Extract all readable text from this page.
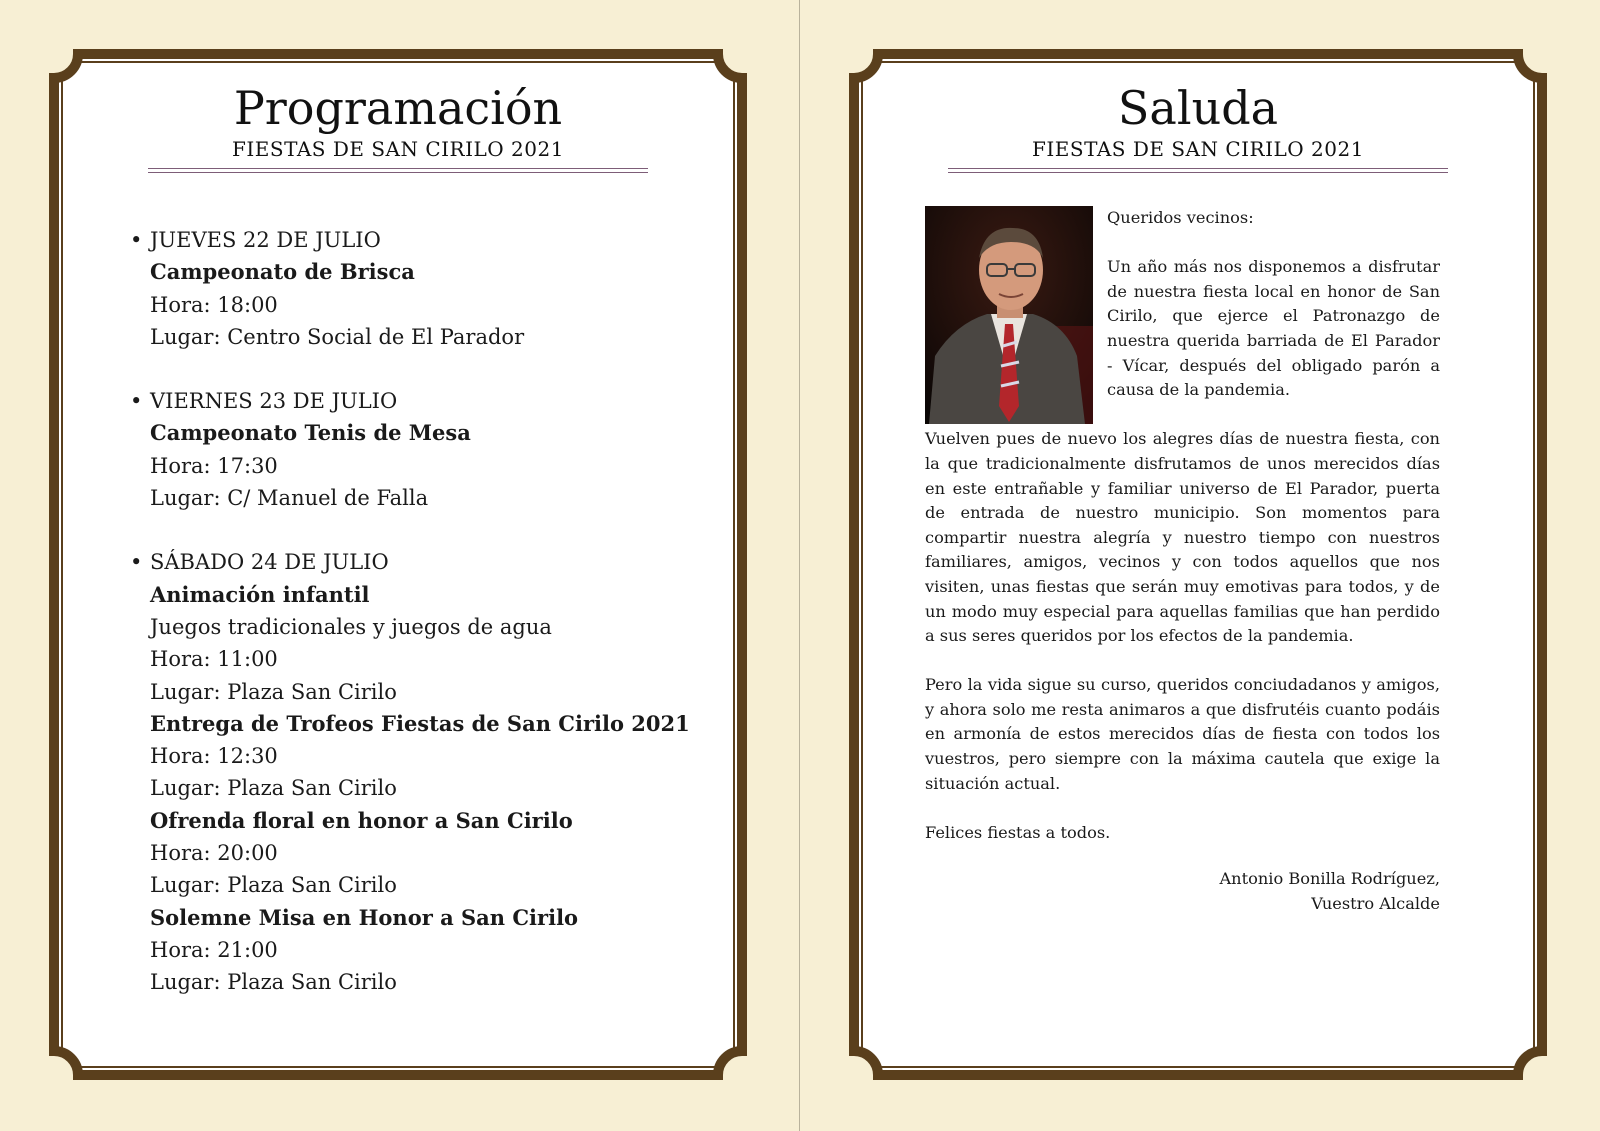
Programación
FIESTAS DE SAN CIRILO 2021
• JUEVES 22 DE JULIO
Campeonato de Brisca
Hora: 18:00
Lugar: Centro Social de El Parador
• VIERNES 23 DE JULIO
Campeonato Tenis de Mesa
Hora: 17:30
Lugar: C/ Manuel de Falla
• SÁBADO 24 DE JULIO
Animación infantil
Juegos tradicionales y juegos de agua
Hora: 11:00
Lugar: Plaza San Cirilo
Entrega de Trofeos Fiestas de San Cirilo 2021
Hora: 12:30
Lugar: Plaza San Cirilo
Ofrenda floral en honor a San Cirilo
Hora: 20:00
Lugar: Plaza San Cirilo
Solemne Misa en Honor a San Cirilo
Hora: 21:00
Lugar: Plaza San Cirilo
Saluda
FIESTAS DE SAN CIRILO 2021

Queridos vecinos:

Un año más nos disponemos a disfrutar de nuestra fiesta local en honor de San Cirilo, que ejerce el Patronazgo de nuestra querida barriada de El Parador - Vícar, después del obligado parón a causa de la pandemia.

Vuelven pues de nuevo los alegres días de nuestra fiesta, con la que tradicionalmente disfrutamos de unos merecidos días en este entrañable y familiar universo de El Parador, puerta de entrada de nuestro municipio. Son momentos para compartir nuestra alegría y nuestro tiempo con nuestros familiares, amigos, vecinos y con todos aquellos que nos visiten, unas fiestas que serán muy emotivas para todos, y de un modo muy especial para aquellas familias que han perdido a sus seres queridos por los efectos de la pandemia.

Pero la vida sigue su curso, queridos conciudadanos y amigos, y ahora solo me resta animaros a que disfrutéis cuanto podáis en armonía de estos merecidos días de fiesta con todos los vuestros, pero siempre con la máxima cautela que exige la situación actual.

Felices fiestas a todos.

Antonio Bonilla Rodríguez,
Vuestro Alcalde
